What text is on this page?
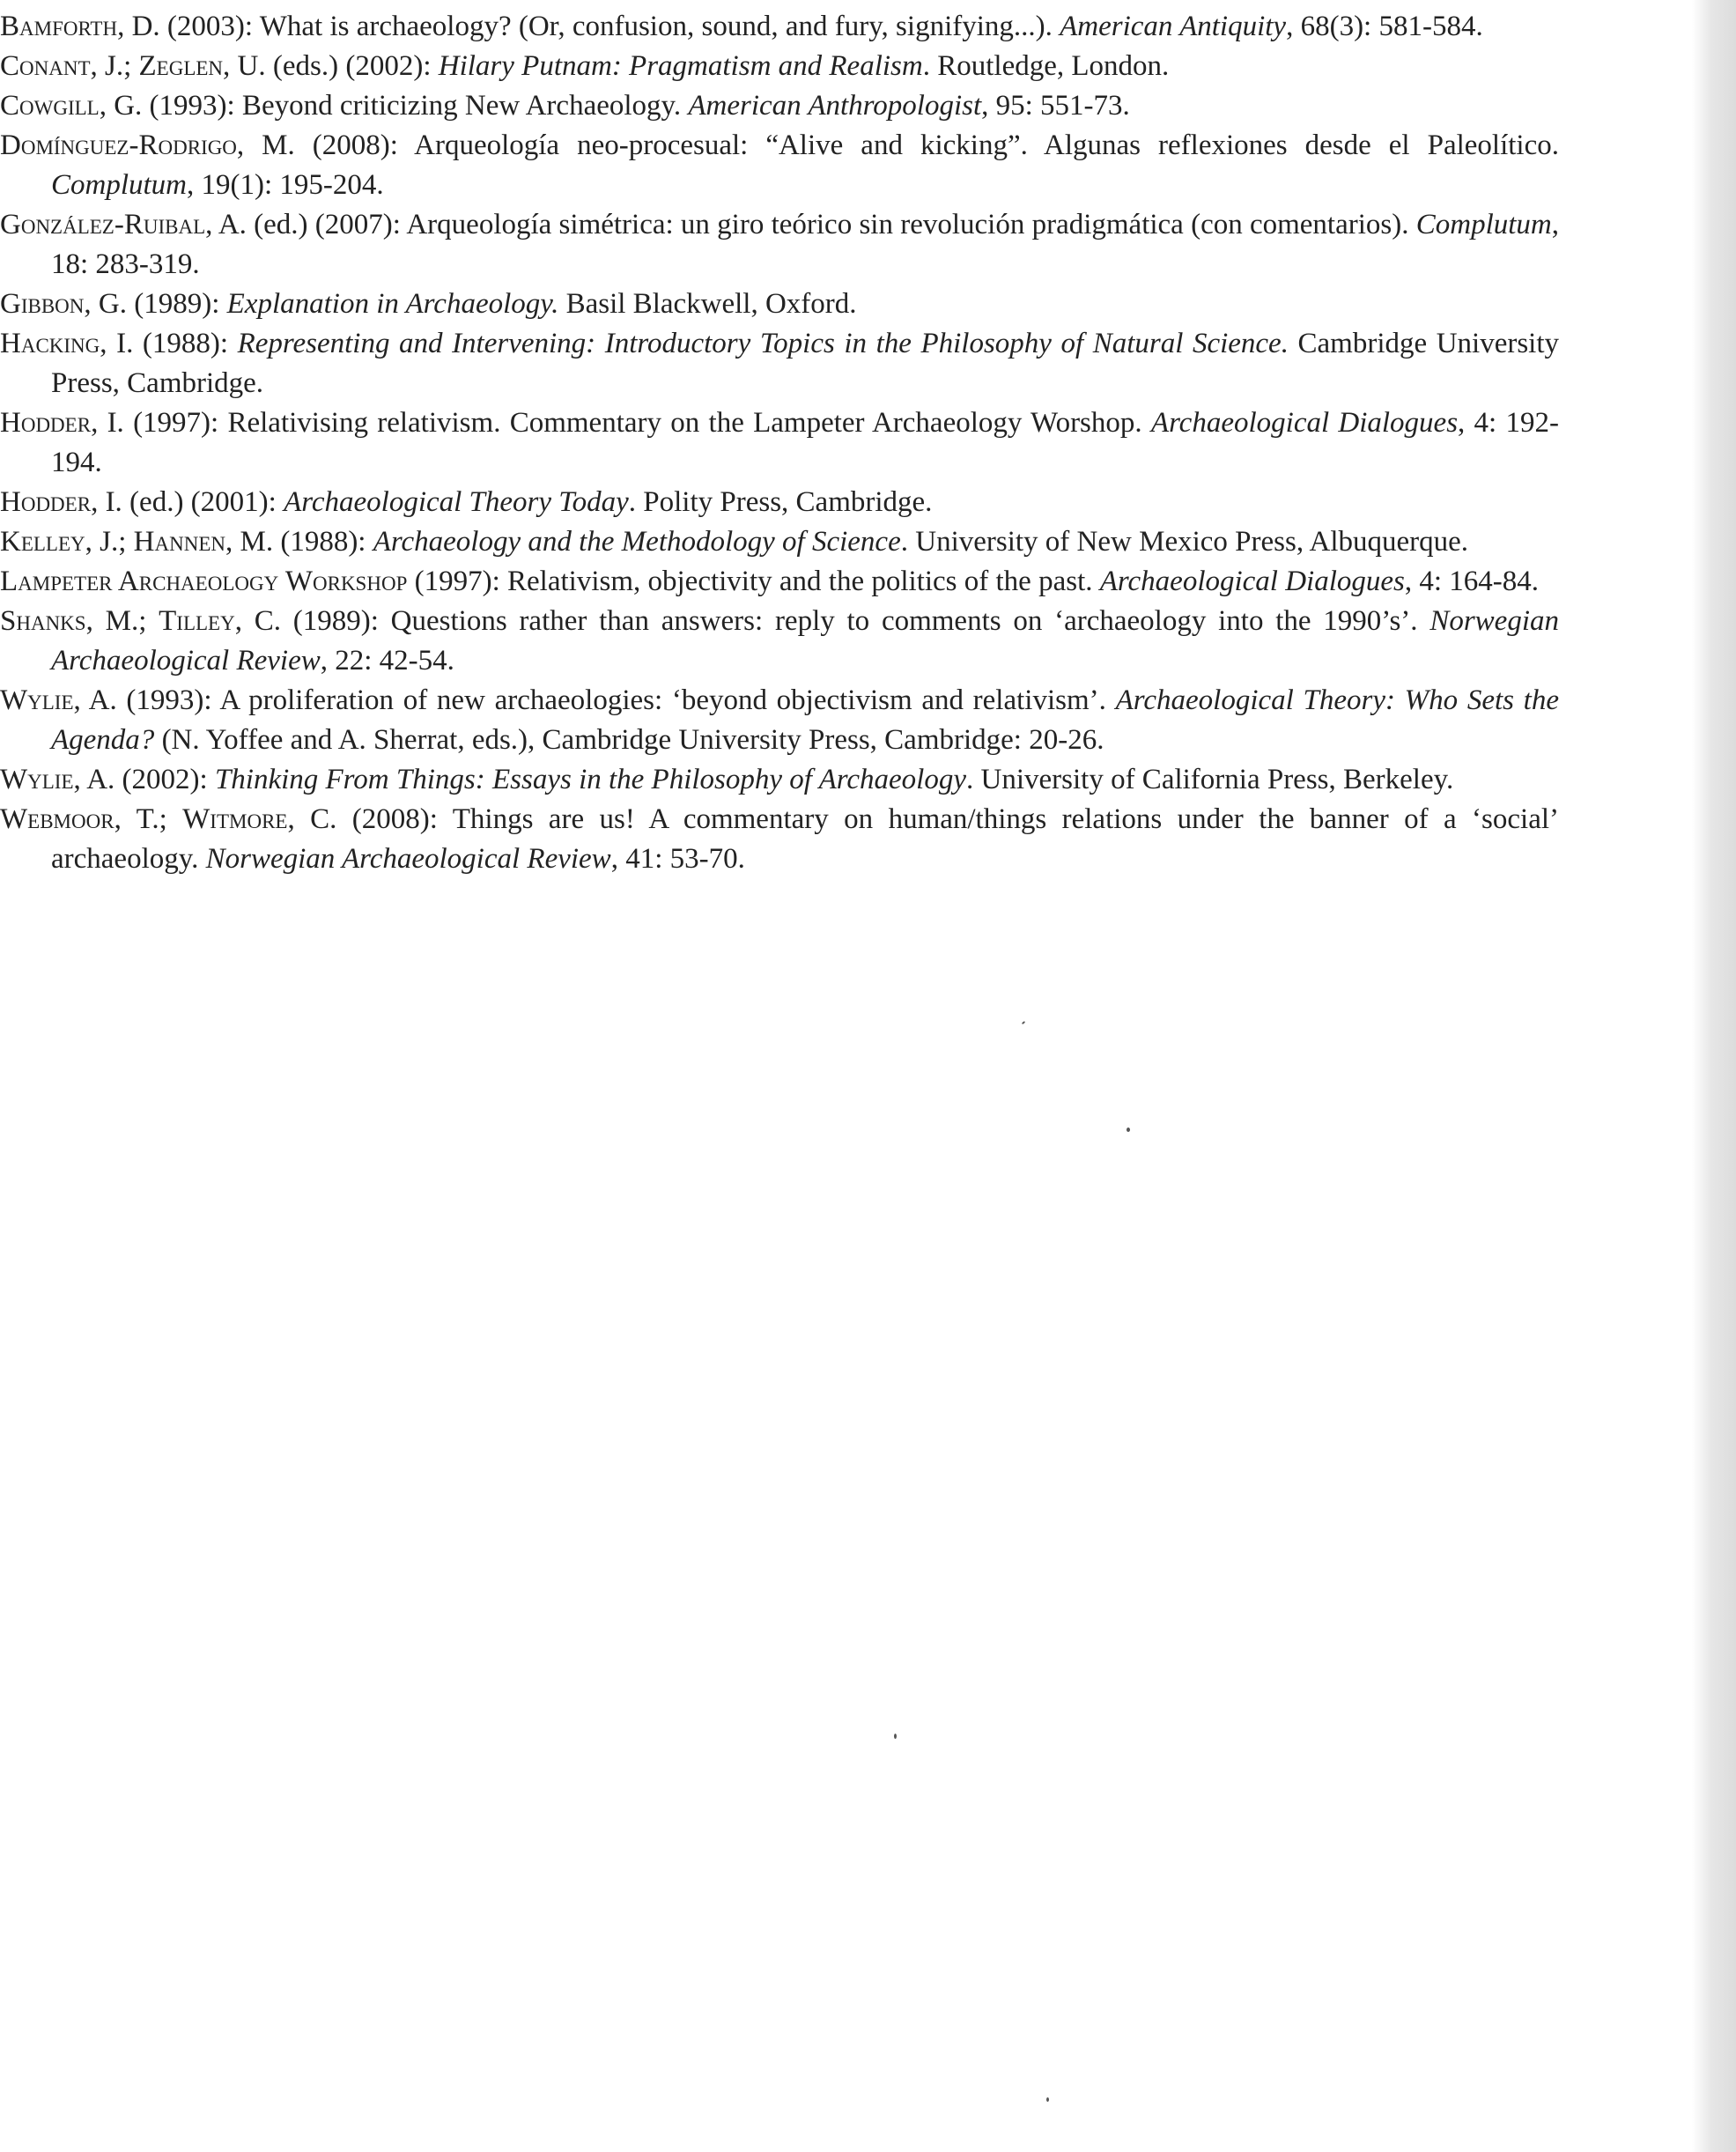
Bamforth, D. (2003): What is archaeology? (Or, confusion, sound, and fury, signifying...). American Antiquity, 68(3): 581-584.
Conant, J.; Zeglen, U. (eds.) (2002): Hilary Putnam: Pragmatism and Realism. Routledge, London.
Cowgill, G. (1993): Beyond criticizing New Archaeology. American Anthropologist, 95: 551-73.
Domínguez-Rodrigo, M. (2008): Arqueología neo-procesual: “Alive and kicking”. Algunas reflexiones desde el Paleolítico. Complutum, 19(1): 195-204.
González-Ruibal, A. (ed.) (2007): Arqueología simétrica: un giro teórico sin revolución pradigmática (con comentarios). Complutum, 18: 283-319.
Gibbon, G. (1989): Explanation in Archaeology. Basil Blackwell, Oxford.
Hacking, I. (1988): Representing and Intervening: Introductory Topics in the Philosophy of Natural Science. Cambridge University Press, Cambridge.
Hodder, I. (1997): Relativising relativism. Commentary on the Lampeter Archaeology Worshop. Archaeological Dialogues, 4: 192-194.
Hodder, I. (ed.) (2001): Archaeological Theory Today. Polity Press, Cambridge.
Kelley, J.; Hannen, M. (1988): Archaeology and the Methodology of Science. University of New Mexico Press, Albuquerque.
Lampeter Archaeology Workshop (1997): Relativism, objectivity and the politics of the past. Archaeological Dialogues, 4: 164-84.
Shanks, M.; Tilley, C. (1989): Questions rather than answers: reply to comments on ‘archaeology into the 1990’s’. Norwegian Archaeological Review, 22: 42-54.
Wylie, A. (1993): A proliferation of new archaeologies: ‘beyond objectivism and relativism’. Archaeological Theory: Who Sets the Agenda? (N. Yoffee and A. Sherrat, eds.), Cambridge University Press, Cambridge: 20-26.
Wylie, A. (2002): Thinking From Things: Essays in the Philosophy of Archaeology. University of California Press, Berkeley.
Webmoor, T.; Witmore, C. (2008): Things are us! A commentary on human/things relations under the banner of a ‘social’ archaeology. Norwegian Archaeological Review, 41: 53-70.
